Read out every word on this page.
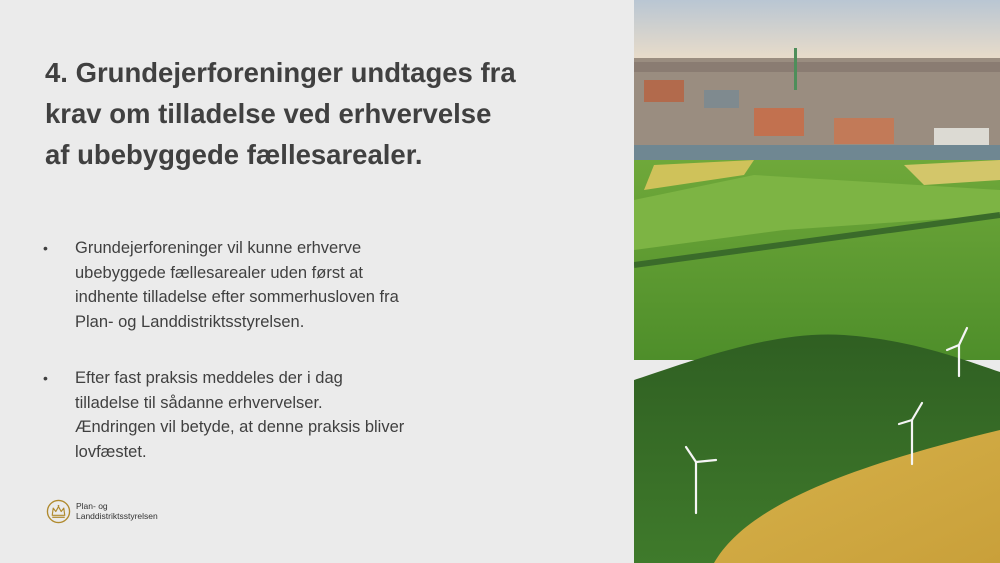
4. Grundejerforeninger undtages fra
krav om tilladelse ved erhvervelse
af ubebyggede fællesarealer.
• Grundejerforeninger vil kunne erhverve
ubebyggede fællesarealer uden først at
indhente tilladelse efter sommerhusloven fra
Plan- og Landdistriktsstyrelsen.
• Efter fast praksis meddeles der i dag
tilladelse til sådanne erhvervelser.
Ændringen vil betyde, at denne praksis bliver
lovfæstet.
Plan- og
Landdistriktsstyrelsen
